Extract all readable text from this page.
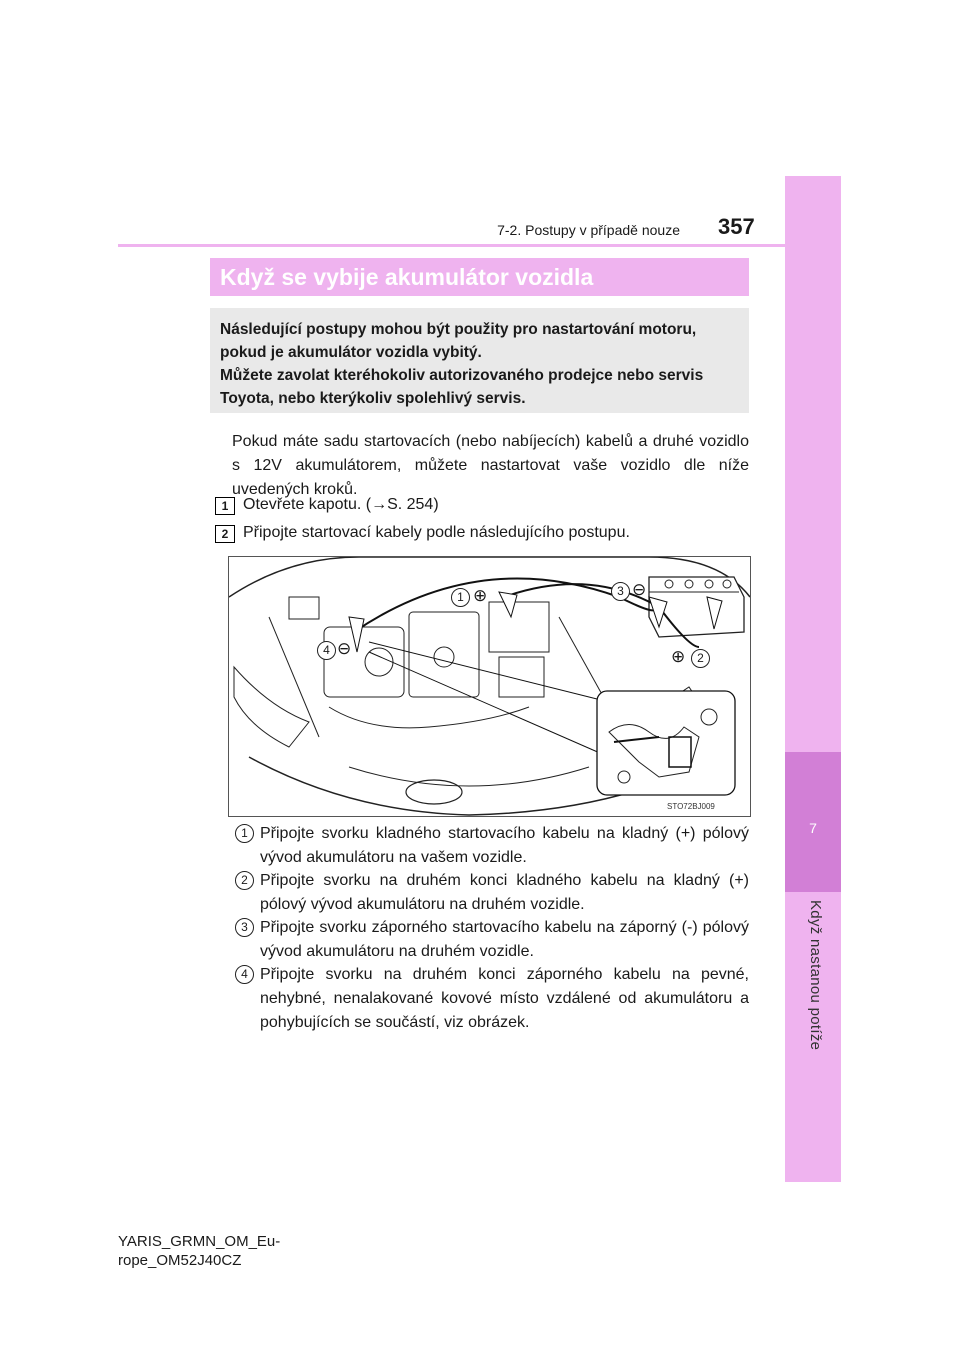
7
Když nastanou potíže
7-2. Postupy v případě nouze 357
Když se vybije akumulátor vozidla
Následující postupy mohou být použity pro nastartování motoru,
pokud je akumulátor vozidla vybitý.
Můžete zavolat kteréhokoliv autorizovaného prodejce nebo servis
Toyota, nebo kterýkoliv spolehlivý servis.
Pokud máte sadu startovacích (nebo nabíjecích) kabelů a druhé vozidlo s 12V akumulátorem, můžete nastartovat vaše vozidlo dle níže uvedených kroků.
1 Otevřete kapotu. (→S. 254)
2 Připojte startovací kabely podle následujícího postupu.
1 ⊕
2
⊕
3 ⊖
4 ⊖
STO72BJ009
1 Připojte svorku kladného startovacího kabelu na kladný (+) pólový vývod akumulátoru na vašem vozidle.
2 Připojte svorku na druhém konci kladného kabelu na kladný (+) pólový vývod akumulátoru na druhém vozidle.
3 Připojte svorku záporného startovacího kabelu na záporný (-) pólový vývod akumulátoru na druhém vozidle.
4 Připojte svorku na druhém konci záporného kabelu na pevné, nehybné, nenalakované kovové místo vzdálené od akumulátoru a pohybujících se součástí, viz obrázek.
YARIS_GRMN_OM_Eu-
rope_OM52J40CZ
